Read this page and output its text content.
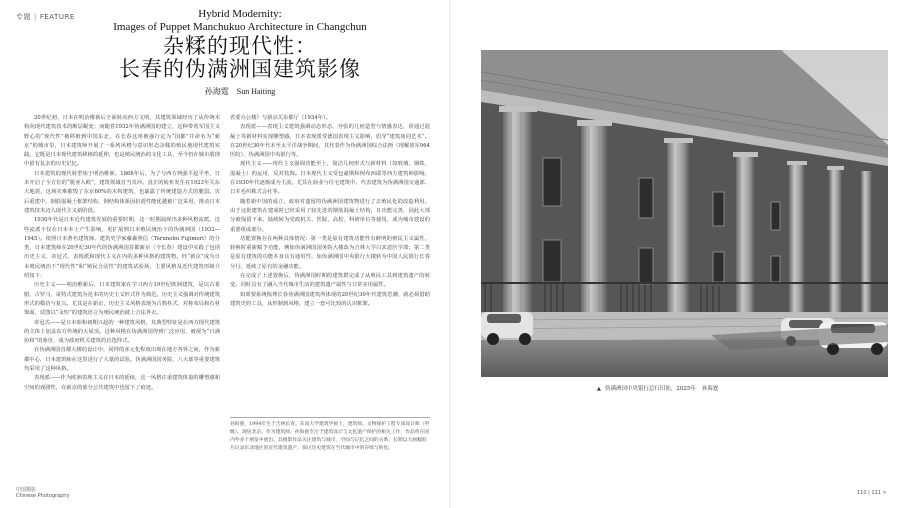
专题 | FEATURE	Hybrid Modernity:
Images of Puppet Manchukuo Architecture in Changchun
杂糅的现代性：
长春的伪满洲国建筑影像
孙海霆 Sun Haiting

20世纪初，日本在明治维新后全面转向西方文明，其建筑领域经历了从传统木构向现代建筑技术的断层蜕变；而随着1932年伪满洲国的建立，这种带着军国主义野心的“现代性”被移植到中国东北，在长春这座被强行定为“国都”并命名为“新京”的城市里，日本建筑师开展了一系列风格与意识形态杂糅的殖民地现代建筑实践。它既是日本现代建筑移植的延伸，也是殖民统治的文化工具，至今仍在城市肌理中留有复杂的历史记忆。

日本建筑的现代转型始于明治维新。1868年后，为了与西方列强平起平坐，日本开启了全方位的“脱亚入欧”，建筑领域首当其冲。真正的转折发生在1923年关东大地震，这场灾难摧毁了东京60%的木构建筑，也暴露了传统建造方式的脆弱。灾后重建中，钢筋混凝土框架结构、钢结构体系因抗震性能优越被广泛采用，推动日本建筑技术迈入现代主义新阶段。

1930年代是日本近代建筑发展的重要时期，这一时期涌现出多种风格流派。这些流派不仅在日本本土产生影响，更扩展到日本殖民统治下的伪满洲国（1932—1945）。依照日本著名建筑师、建筑史学家藤森照信（Terunobu Fujimori）的分类，日本建筑师在20世纪30年代的伪满洲国首都新京（今长春）建设中实践了包括历史主义、帝冠式、表现派和现代主义在内的多种风格的建筑物。经“新京”成为日本殖民统治下“现代性”和“殖民合法性”的建筑试验场，主要风格及近代建筑形制介绍如下：

历史主义——明治维新后，日本建筑家在学习西方19世纪欧洲建筑，是以古希腊、古罗马、哥特式建筑为范本的历史主义形式作为典范。历史主义强调对传统建筑形式的模仿与复兴。尤其是在新京，历史主义风格表现为古典柱式、对称布局和石材饰面，试图以“永恒”的建筑语言为殖民统治披上合法外衣。

帝冠式——是日本昭和初期兴起的一种建筑风格，其典型特征是在西方现代建筑的主体上加盖东方传统的大屋顶。这种风格在伪满洲国得到广泛应用，被视为“日满协和”的象征，成为政府机关建筑的首选样式。

在伪满洲国首都大楼的设计中，同样的多元化程度出现在地方各界之间，作为新都中心，日本建筑师在这里进行了大量的试验。伪满洲国国务院、八大部等重要建筑均采用了这种风格。

表现派——作为欧洲表现主义在日本的延续，这一风格注重建筑体量的雕塑感和空间的戏剧性，在新京的部分公共建筑中也留下了痕迹。

省委办公楼）与新京关东都厅（1934年）。

表现派——表现主义建筑强调动态形态、夸张的几何造型与情感表达，常通过混凝土等新材料实现雕塑感。日本表现派受德国表现主义影响，倡导“建筑如同艺术”。在20世纪30年代末至太平洋战争期间，其代表作为伪满洲国综合法衙（现解放军964医院）、伪满洲国中央银行等。

现代主义——现代主义强调功能至上，简洁几何形式与新材料（如玻璃、钢铁、混凝土）的运用，反对装饰。日本现代主义受包豪斯和柯布西耶等西方建筑师影响，在1930年代逐渐成为主流，尤其在商业与住宅建筑中。代表建筑为伪满洲国交通部、日本毛织株式会社等。

随着新中国的成立，政府对遗留的伪满洲国建筑物进行了去殖民化的改造利用。由于这批建筑在建成时已经采用了较先进的钢筋混凝土结构，且功能完善，因此大部分被保留下来，陆续转为党政机关、医院、高校、科研单位等使用，成为城市建设的重要组成部分。

功能置换存在两种具体情况：第一类是原有建筑功能性有鲜明的殖民主义属性，转换时重新赋予功能，例如伪满洲国国务院大楼改为吉林大学白求恩医学部；第二类是原有建筑的功能本身具有通用性，如伪满洲国中央银行大楼转为中国人民银行长春分行，延续了原有的金融功能。

在完成了上述置换后，伪满洲国时期的建筑群完成了从殖民工具到建筑遗产的转变。同时具有了融入当代城市生活的建筑遗产属性与日常实用属性。

如果要系统梳理长春伪满洲国建筑所体现的20世纪30年代建筑思潮，就必须借助建筑史的工具，从形制到风格，建立一套可比较的认识框架。

孙海霆，1994年生于吉林长春。东南大学建筑学硕士，建筑师。文物保护工程专项设计师（甲级）。现居北京。作为建筑师，孙海霆专注于建筑设计与文化遗产保护的相关工作，作品曾在国内外多个展览中展出。其摄影作品关注建筑与城市、空间与记忆之间的关系，长期以大画幅胶片记录东北地区的近代建筑遗产，探讨历史建筑在当代城市中的存续与转化。
中国摄影
Chinese Photography	110 | 111 >
▲ 伪满洲国中央银行总行旧址，2025年 孙海霆
